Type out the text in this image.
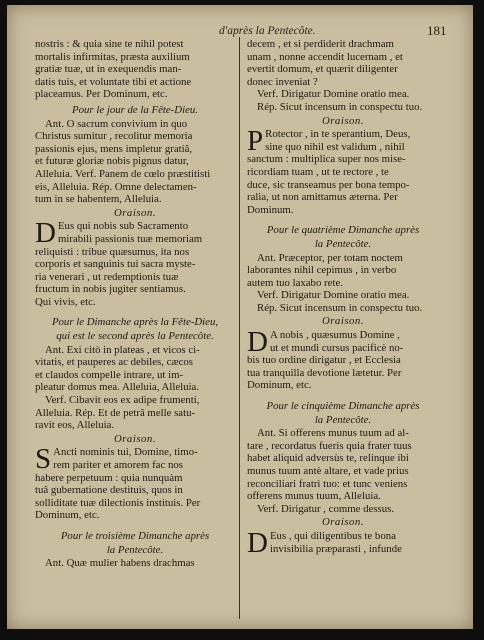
d'après la Pentecôte.	181

nostris : & quia sine te nihil potest

mortalis infirmitas, præsta auxilium

gratiæ tuæ, ut in exequendis man-

datis tuis, et voluntate tibi et actione

placeamus. Per Dominum, etc.

Pour le jour de la Fête-Dieu.

Ant. O sacrum convivium in quo

Christus sumitur , recolitur memoria

passionis ejus, mens impletur gratiâ,

et futuræ gloriæ nobis pignus datur,

Alleluia. Verf. Panem de cœlo præstitisti

eis, Alleluia. Rép. Omne delectamen-

tum in se habentem, Alleluia.

Oraison.

D Eus qui nobis sub Sacramento

mirabili passionis tuæ memoriam

reliquisti : tribue quæsumus, ita nos

corporis et sanguinis tui sacra myste-

ria venerari , ut redemptionis tuæ

fructum in nobis jugiter sentiamus.

Qui vivis, etc.

Pour le Dimanche après la Fête-Dieu,

qui est le second après la Pentecôte.

Ant. Exi citò in plateas , et vicos ci-

vitatis, et pauperes ac debiles, cæcos

et claudos compelle intrare, ut im-

pleatur domus mea. Alleluia, Alleluia.

Verf. Cibavit eos ex adipe frumenti,

Alleluia. Rép. Et de petrâ melle satu-

ravit eos, Alleluia.

Oraison.

S Ancti nominis tui, Domine, timo-

rem pariter et amorem fac nos

habere perpetuum : quia nunquàm

tuâ gubernatione destituis, quos in

solliditate tuæ dilectionis instituis. Per

Dominum, etc.

Pour le troisième Dimanche après

la Pentecôte.

Ant. Quæ mulier habens drachmas

decem , et si perdiderit drachmam

unam , nonne accendit lucernam , et

evertit domum, et quærit diligenter

donec inveniat ?

Verf. Dirigatur Domine oratio mea.

Rép. Sicut incensum in conspectu tuo.

Oraison.

P Rotector , in te sperantium, Deus,

sine quo nihil est validum , nihil

sanctum : multiplica super nos mise-

ricordiam tuam , ut te rectore , te

duce, sic transeamus per bona tempo-

ralia, ut non amittamus æterna. Per

Dominum.

Pour le quatrième Dimanche après

la Pentecôte.

Ant. Præceptor, per totam noctem

laborantes nihil cepimus , in verbo

autem tuo laxabo rete.

Verf. Dirigatur Domine oratio mea.

Rép. Sicut incensum in conspectu tuo.

Oraison.

D A nobis , quæsumus Domine ,

ut et mundi cursus pacificè no-

bis tuo ordine dirigatur , et Ecclesia

tua tranquilla devotione lætetur. Per

Dominum, etc.

Pour le cinquième Dimanche après

la Pentecôte.

Ant. Si offerens munus tuum ad al-

tare , recordatus fueris quia frater tuus

habet aliquid adversùs te, relinque ibi

munus tuum antè altare, et vade prius

reconciliari fratri tuo: et tunc veniens

offerens munus tuum, Alleluia.

Verf. Dirigatur , comme dessus.

Oraison.

D Eus , qui diligentibus te bona

invisibilia præparasti , infunde
